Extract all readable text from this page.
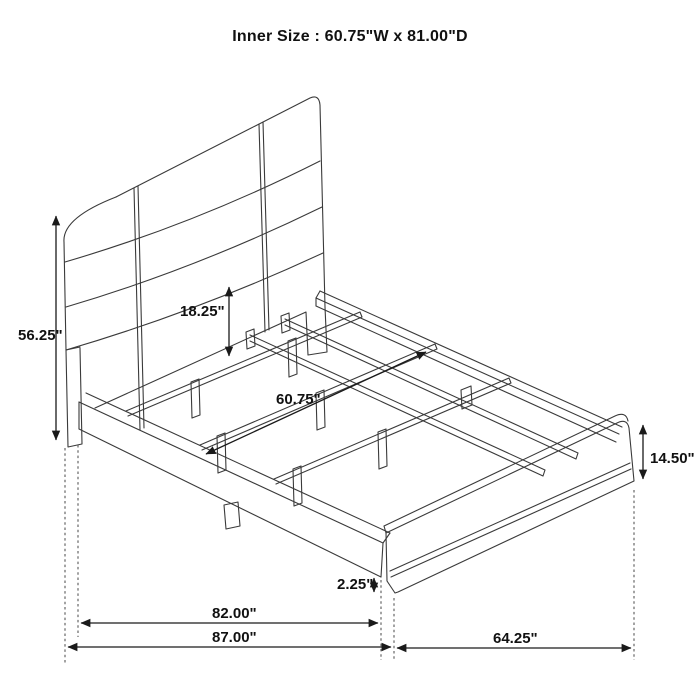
Inner Size : 60.75"W x 81.00"D
56.25"
18.25"
60.75"
14.50"
2.25"
82.00"
87.00"	64.25"
